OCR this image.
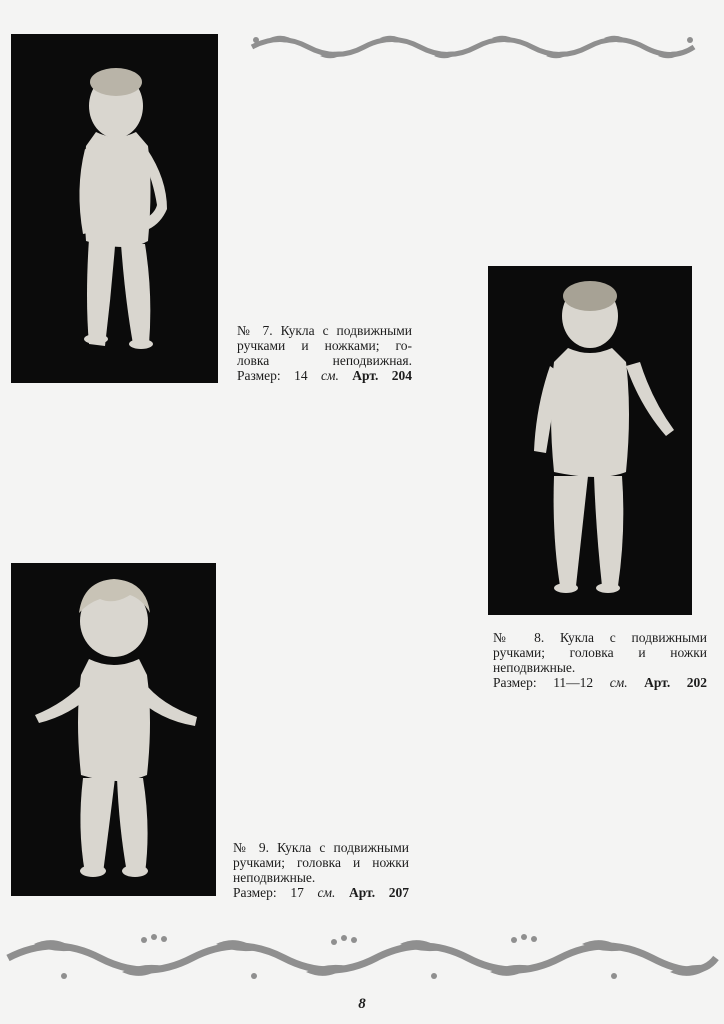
№ 7. Кукла с подвижными
ручками и ножками; го-
ловка неподвижная.
Размер: 14 см. Арт. 204
№ 8. Кукла с подвижными
ручками; головка и ножки
неподвижные.
Размер: 11—12 см. Арт. 202
№ 9. Кукла с подвижными
ручками; головка и ножки
неподвижные.
Размер: 17 см. Арт. 207
8
